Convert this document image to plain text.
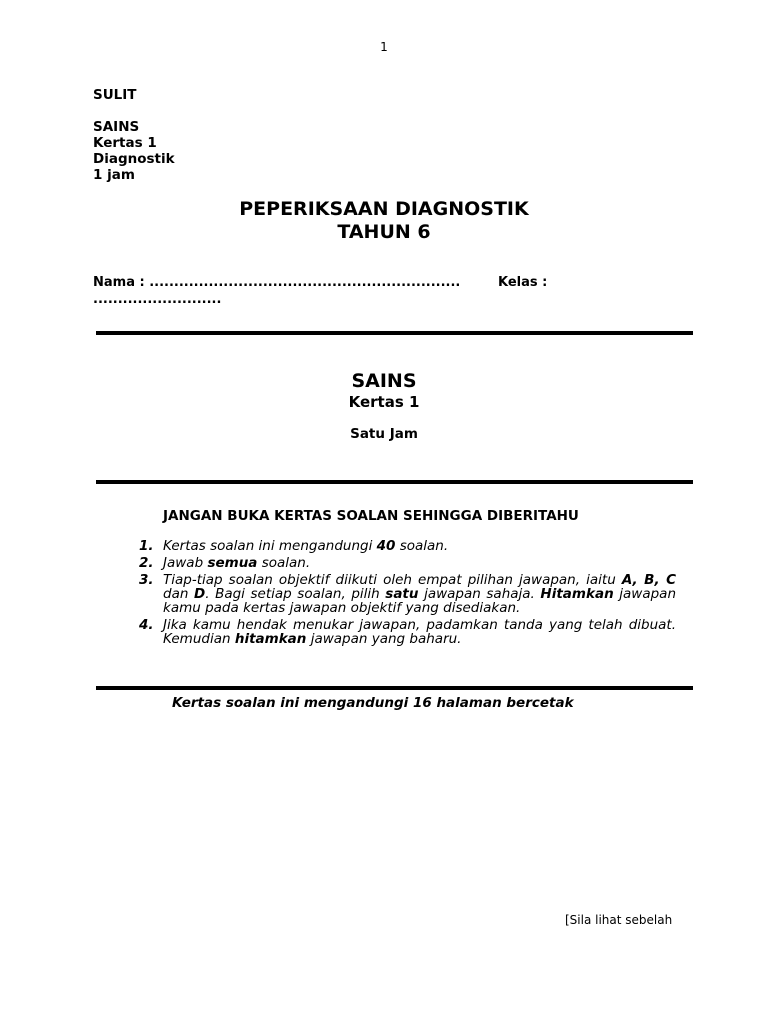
1
SULIT
SAINS
Kertas 1
Diagnostik
1 jam
PEPERIKSAAN DIAGNOSTIK
TAHUN 6
Nama : ...............................................................	Kelas :
..........................
SAINS
Kertas 1
Satu Jam
JANGAN BUKA KERTAS SOALAN SEHINGGA DIBERITAHU
1. Kertas soalan ini mengandungi 40 soalan.
2. Jawab semua soalan.
3. Tiap-tiap soalan objektif diikuti oleh empat pilihan jawapan, iaitu A, B, C dan D. Bagi setiap soalan, pilih satu jawapan sahaja. Hitamkan jawapan kamu pada kertas jawapan objektif yang disediakan.
4. Jika kamu hendak menukar jawapan, padamkan tanda yang telah dibuat. Kemudian hitamkan jawapan yang baharu.
Kertas soalan ini mengandungi 16 halaman bercetak
[Sila lihat sebelah
